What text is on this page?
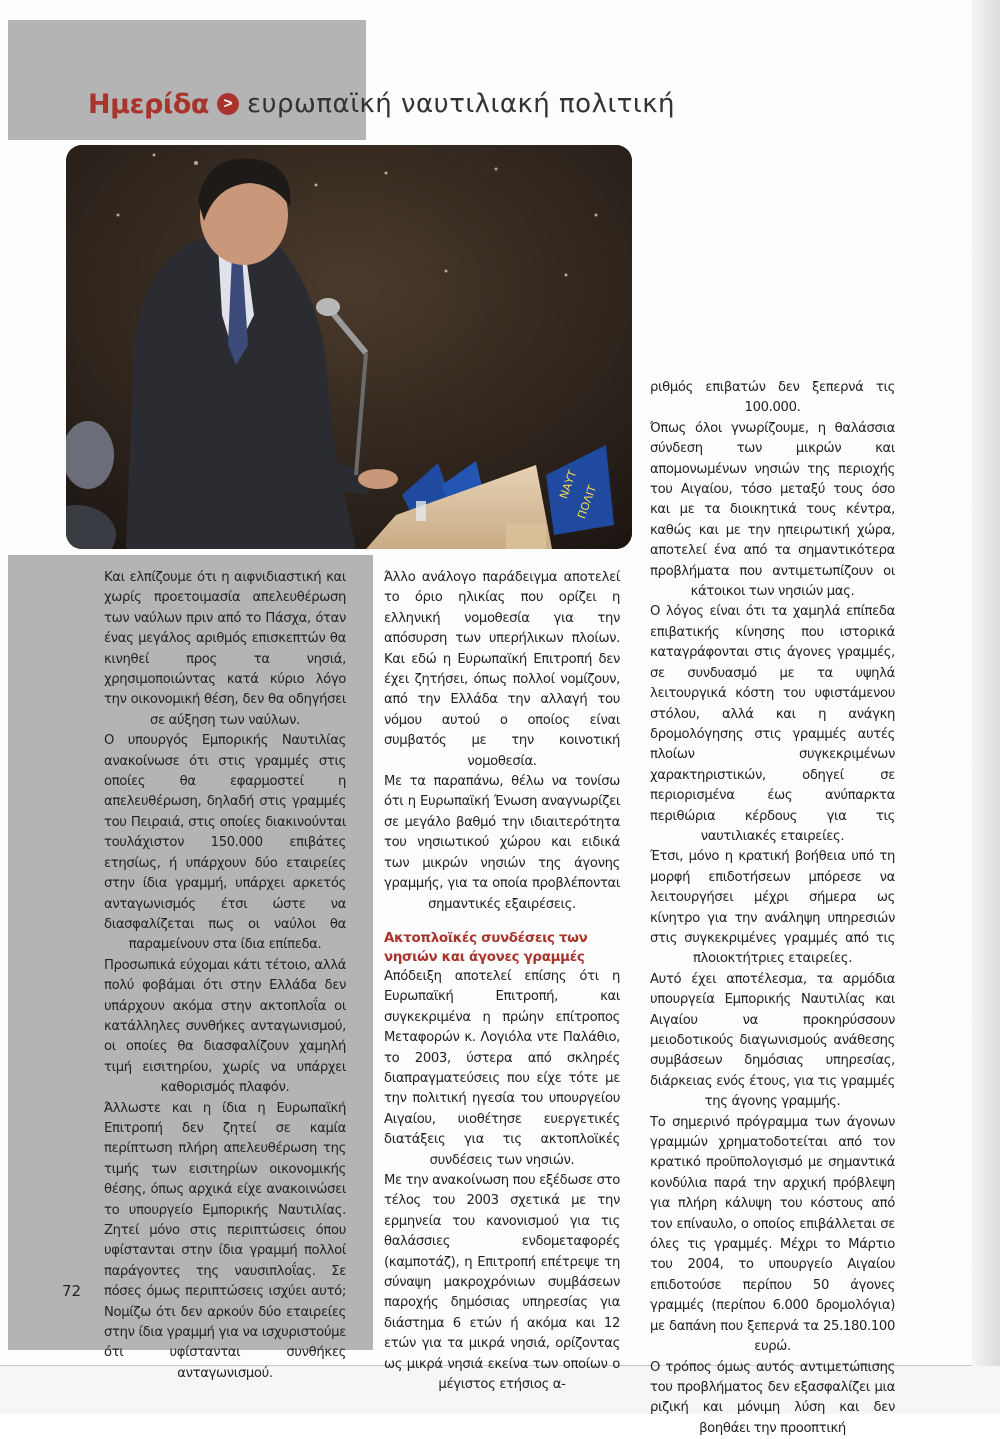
Ημερίδα > ευρωπαϊκή ναυτιλιακή πολιτική
ΝΑΥΤ
ΠΟΛΙΤ

Και ελπίζουμε ότι η αιφνιδιαστική και χωρίς προετοιμασία απελευθέρωση των ναύλων πριν από το Πάσχα, όταν ένας μεγάλος αριθμός επισκεπτών θα κινηθεί προς τα νησιά, χρησιμοποιώντας κατά κύριο λόγο την οικονομική θέση, δεν θα οδηγήσει σε αύξηση των ναύλων.

Ο υπουργός Εμπορικής Ναυτιλίας ανακοίνωσε ότι στις γραμμές στις οποίες θα εφαρμοστεί η απελευθέρωση, δηλαδή στις γραμμές του Πειραιά, στις οποίες διακινούνται τουλάχιστον 150.000 επιβάτες ετησίως, ή υπάρχουν δύο εταιρείες στην ίδια γραμμή, υπάρχει αρκετός ανταγωνισμός έτσι ώστε να διασφαλίζεται πως οι ναύλοι θα παραμείνουν στα ίδια επίπεδα.

Προσωπικά εύχομαι κάτι τέτοιο, αλλά πολύ φοβάμαι ότι στην Ελλάδα δεν υπάρχουν ακόμα στην ακτοπλοΐα οι κατάλληλες συνθήκες ανταγωνισμού, οι οποίες θα διασφαλίζουν χαμηλή τιμή εισιτηρίου, χωρίς να υπάρχει καθορισμός πλαφόν.

Άλλωστε και η ίδια η Ευρωπαϊκή Επιτροπή δεν ζητεί σε καμία περίπτωση πλήρη απελευθέρωση της τιμής των εισιτηρίων οικονομικής θέσης, όπως αρχικά είχε ανακοινώσει το υπουργείο Εμπορικής Ναυτιλίας. Ζητεί μόνο στις περιπτώσεις όπου υφίστανται στην ίδια γραμμή πολλοί παράγοντες της ναυσιπλοΐας. Σε πόσες όμως περιπτώσεις ισχύει αυτό; Νομίζω ότι δεν αρκούν δύο εταιρείες στην ίδια γραμμή για να ισχυριστούμε ότι υφίστανται συνθήκες ανταγωνισμού.

Άλλο ανάλογο παράδειγμα αποτελεί το όριο ηλικίας που ορίζει η ελληνική νομοθεσία για την απόσυρση των υπερήλικων πλοίων. Και εδώ η Ευρωπαϊκή Επιτροπή δεν έχει ζητήσει, όπως πολλοί νομίζουν, από την Ελλάδα την αλλαγή του νόμου αυτού ο οποίος είναι συμβατός με την κοινοτική νομοθεσία.

Με τα παραπάνω, θέλω να τονίσω ότι η Ευρωπαϊκή Ένωση αναγνωρίζει σε μεγάλο βαθμό την ιδιαιτερότητα του νησιωτικού χώρου και ειδικά των μικρών νησιών της άγονης γραμμής, για τα οποία προβλέπονται σημαντικές εξαιρέσεις.

Ακτοπλοϊκές συνδέσεις των νησιών και άγονες γραμμές

Απόδειξη αποτελεί επίσης ότι η Ευρωπαϊκή Επιτροπή, και συγκεκριμένα η πρώην επίτροπος Μεταφορών κ. Λογιόλα ντε Παλάθιο, το 2003, ύστερα από σκληρές διαπραγματεύσεις που είχε τότε με την πολιτική ηγεσία του υπουργείου Αιγαίου, υιοθέτησε ευεργετικές διατάξεις για τις ακτοπλοϊκές συνδέσεις των νησιών.

Με την ανακοίνωση που εξέδωσε στο τέλος του 2003 σχετικά με την ερμηνεία του κανονισμού για τις θαλάσσιες ενδομεταφορές (καμποτάζ), η Επιτροπή επέτρεψε τη σύναψη μακροχρόνιων συμβάσεων παροχής δημόσιας υπηρεσίας για διάστημα 6 ετών ή ακόμα και 12 ετών για τα μικρά νησιά, ορίζοντας ως μικρά νησιά εκείνα των οποίων ο μέγιστος ετήσιος α-

ριθμός επιβατών δεν ξεπερνά τις 100.000.

Όπως όλοι γνωρίζουμε, η θαλάσσια σύνδεση των μικρών και απομονωμένων νησιών της περιοχής του Αιγαίου, τόσο μεταξύ τους όσο και με τα διοικητικά τους κέντρα, καθώς και με την ηπειρωτική χώρα, αποτελεί ένα από τα σημαντικότερα προβλήματα που αντιμετωπίζουν οι κάτοικοι των νησιών μας.

Ο λόγος είναι ότι τα χαμηλά επίπεδα επιβατικής κίνησης που ιστορικά καταγράφονται στις άγονες γραμμές, σε συνδυασμό με τα υψηλά λειτουργικά κόστη του υφιστάμενου στόλου, αλλά και η ανάγκη δρομολόγησης στις γραμμές αυτές πλοίων συγκεκριμένων χαρακτηριστικών, οδηγεί σε περιορισμένα έως ανύπαρκτα περιθώρια κέρδους για τις ναυτιλιακές εταιρείες.

Έτσι, μόνο η κρατική βοήθεια υπό τη μορφή επιδοτήσεων μπόρεσε να λειτουργήσει μέχρι σήμερα ως κίνητρο για την ανάληψη υπηρεσιών στις συγκεκριμένες γραμμές από τις πλοιοκτήτριες εταιρείες.

Αυτό έχει αποτέλεσμα, τα αρμόδια υπουργεία Εμπορικής Ναυτιλίας και Αιγαίου να προκηρύσσουν μειοδοτικούς διαγωνισμούς ανάθεσης συμβάσεων δημόσιας υπηρεσίας, διάρκειας ενός έτους, για τις γραμμές της άγονης γραμμής.

Το σημερινό πρόγραμμα των άγονων γραμμών χρηματοδοτείται από τον κρατικό προϋπολογισμό με σημαντικά κονδύλια παρά την αρχική πρόβλεψη για πλήρη κάλυψη του κόστους από τον επίναυλο, ο οποίος επιβάλλεται σε όλες τις γραμμές. Μέχρι το Μάρτιο του 2004, το υπουργείο Αιγαίου επιδοτούσε περίπου 50 άγονες γραμμές (περίπου 6.000 δρομολόγια) με δαπάνη που ξεπερνά τα 25.180.100 ευρώ.

Ο τρόπος όμως αυτός αντιμετώπισης του προβλήματος δεν εξασφαλίζει μια ριζική και μόνιμη λύση και δεν βοηθάει την προοπτική

72
